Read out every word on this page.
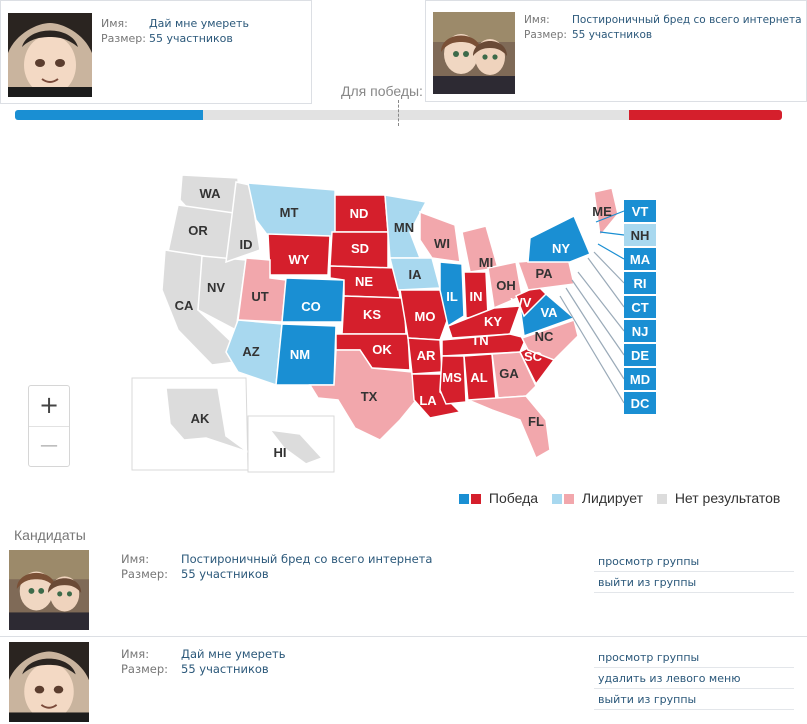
Имя: Дай мне умереть
Размер: 55 участников
Имя: Постироничный бред со всего интернета
Размер: 55 участников
Для победы:
VT
NH
MA
RI
CT
NJ
DE
MD
DC
WA
OR
CA
NV
ID
MT
WY
UT
AZ
CO
NM
ND
SD
NE
KS
OK
TX
MN
IA
MO
AR
LA
WI
IL
MI
IN
OH
KY
TN
MS AL GA
FL
SC
NC
VA
WV
PA
NY
ME
AK
HI
+
—
Победа	Лидирует Нет результатов
Кандидаты
Имя:	Постироничный бред со всего интернета
Размер: 55 участников
просмотр группы
выйти из группы
Имя:	Дай мне умереть
Размер: 55 участников
просмотр группы
удалить из левого меню
выйти из группы
